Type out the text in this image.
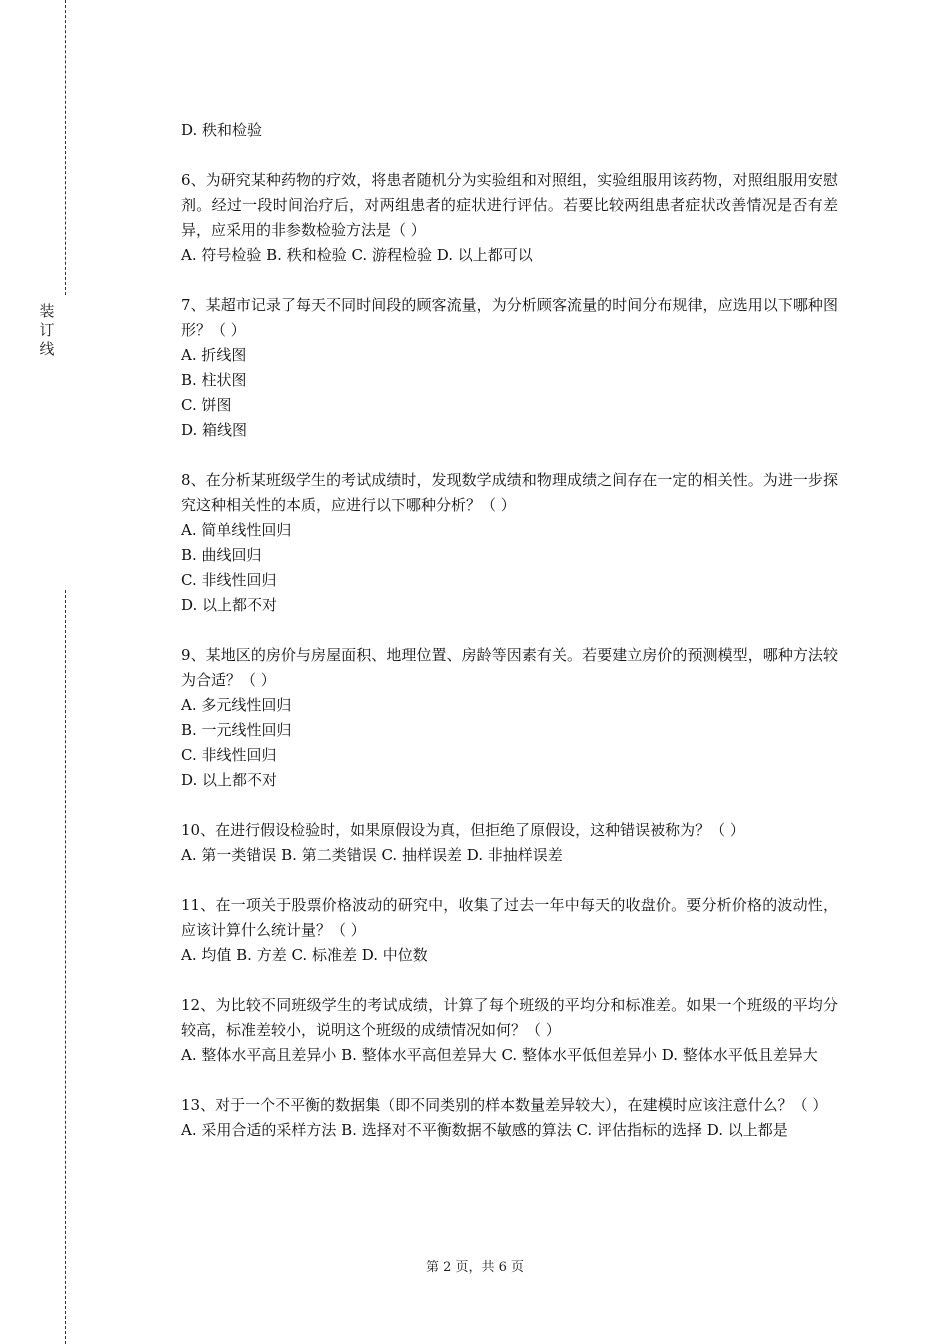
装
订
线
D. 秩和检验
6、为研究某种药物的疗效，将患者随机分为实验组和对照组，实验组服用该药物，对照组服用安慰剂。经过一段时间治疗后，对两组患者的症状进行评估。若要比较两组患者症状改善情况是否有差异，应采用的非参数检验方法是（ ）
A. 符号检验 B. 秩和检验 C. 游程检验 D. 以上都可以
7、某超市记录了每天不同时间段的顾客流量，为分析顾客流量的时间分布规律，应选用以下哪种图形？（ ）
A. 折线图
B. 柱状图
C. 饼图
D. 箱线图
8、在分析某班级学生的考试成绩时，发现数学成绩和物理成绩之间存在一定的相关性。为进一步探究这种相关性的本质，应进行以下哪种分析？（ ）
A. 简单线性回归
B. 曲线回归
C. 非线性回归
D. 以上都不对
9、某地区的房价与房屋面积、地理位置、房龄等因素有关。若要建立房价的预测模型，哪种方法较为合适？（ ）
A. 多元线性回归
B. 一元线性回归
C. 非线性回归
D. 以上都不对
10、在进行假设检验时，如果原假设为真，但拒绝了原假设，这种错误被称为？（ ）
A. 第一类错误 B. 第二类错误 C. 抽样误差 D. 非抽样误差
11、在一项关于股票价格波动的研究中，收集了过去一年中每天的收盘价。要分析价格的波动性，应该计算什么统计量？（ ）
A. 均值 B. 方差 C. 标准差 D. 中位数
12、为比较不同班级学生的考试成绩，计算了每个班级的平均分和标准差。如果一个班级的平均分较高，标准差较小，说明这个班级的成绩情况如何？（ ）
A. 整体水平高且差异小 B. 整体水平高但差异大 C. 整体水平低但差异小 D. 整体水平低且差异大
13、对于一个不平衡的数据集（即不同类别的样本数量差异较大），在建模时应该注意什么？（ ）
A. 采用合适的采样方法 B. 选择对不平衡数据不敏感的算法 C. 评估指标的选择 D. 以上都是
第 2 页，共 6 页
